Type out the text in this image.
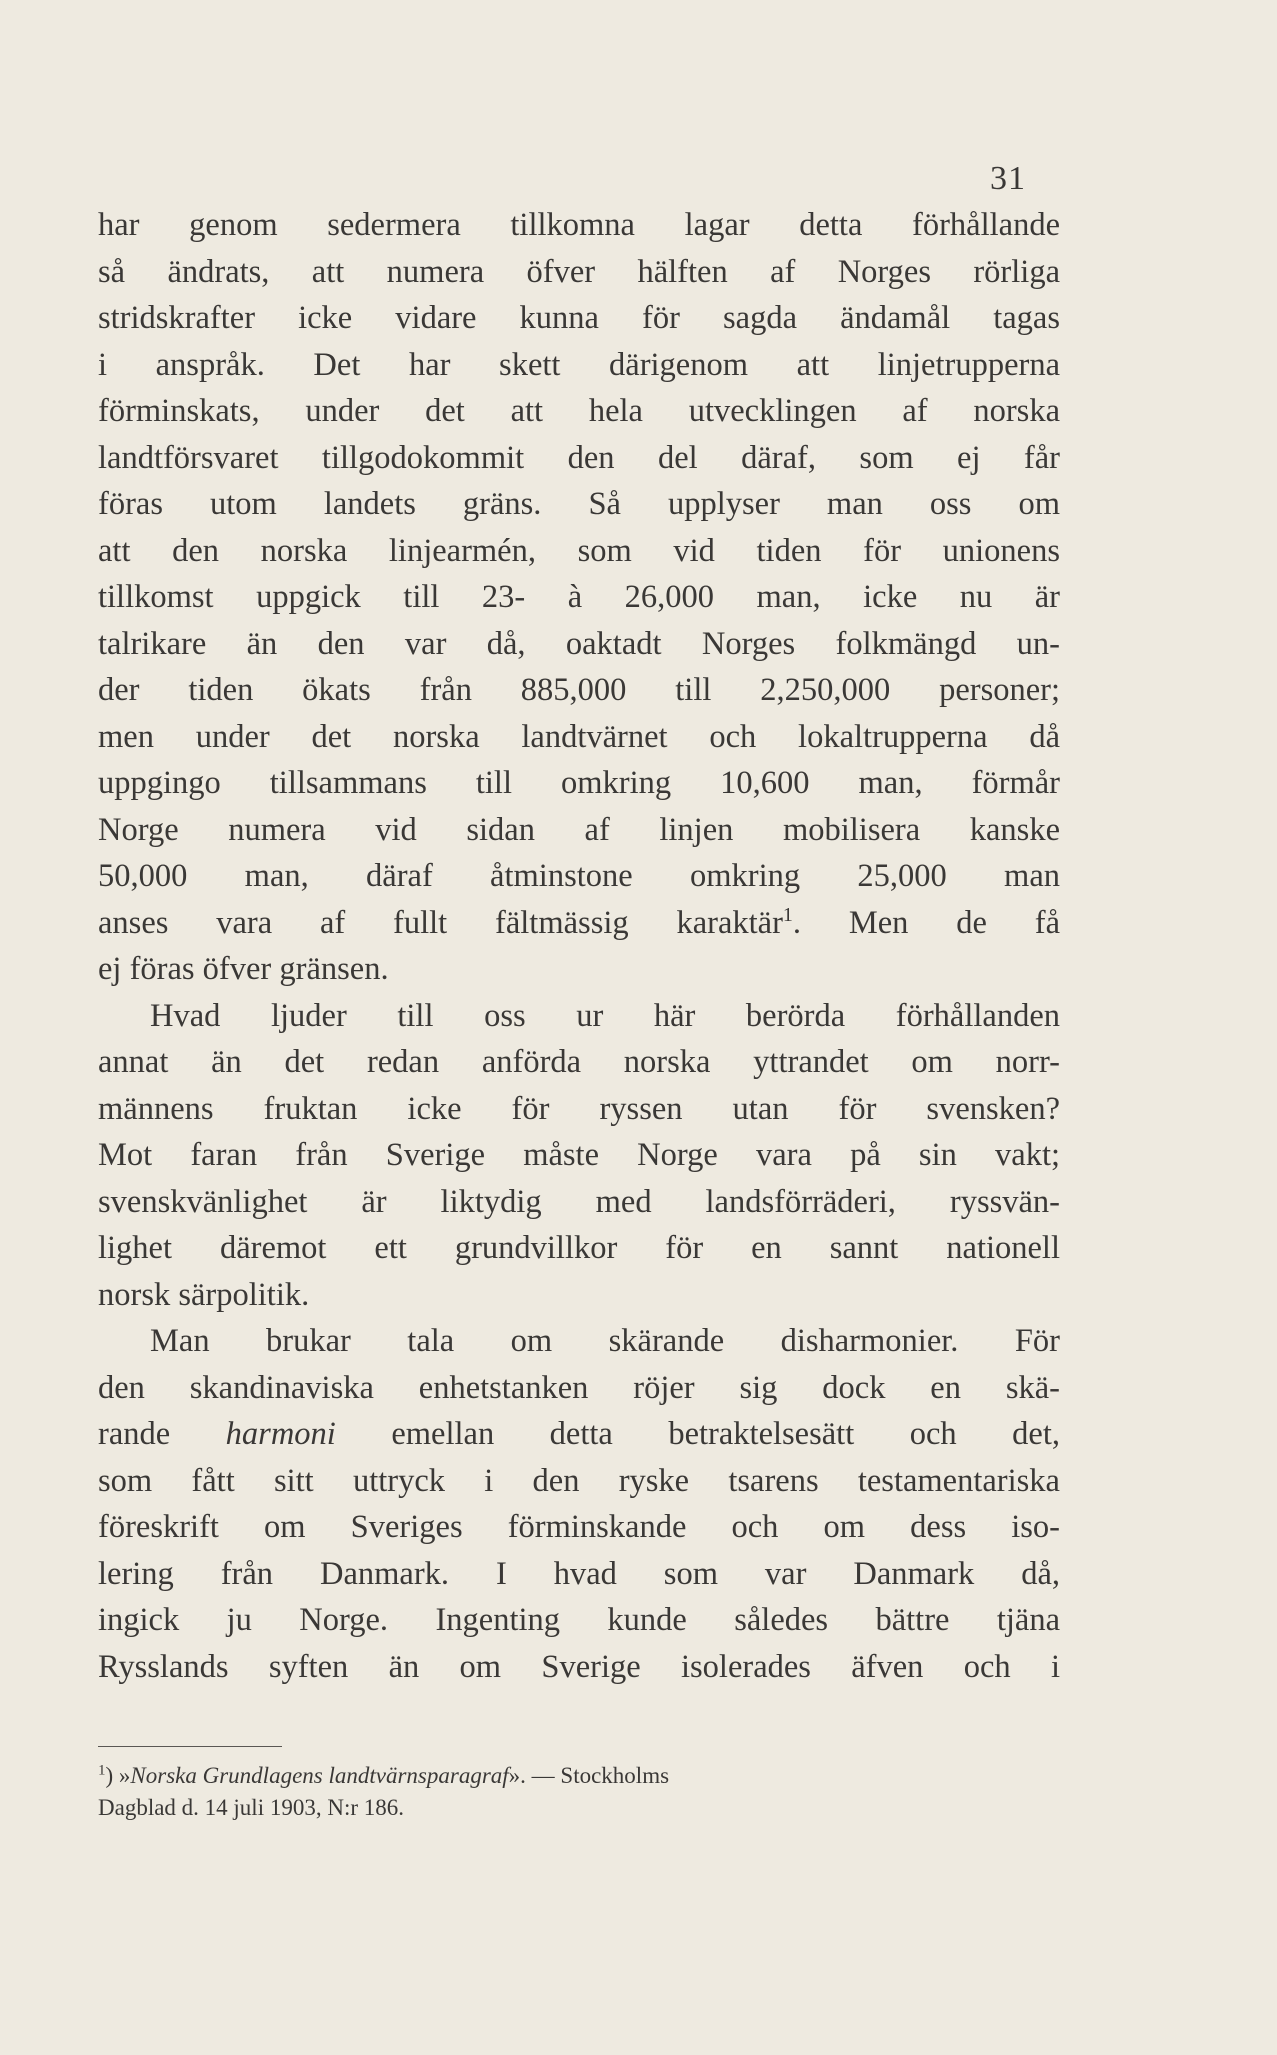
31
har genom sedermera tillkomna lagar detta förhållande
så ändrats, att numera öfver hälften af Norges rörliga
stridskrafter icke vidare kunna för sagda ändamål tagas
i anspråk. Det har skett därigenom att linjetrupperna
förminskats, under det att hela utvecklingen af norska
landtförsvaret tillgodokommit den del däraf, som ej får
föras utom landets gräns. Så upplyser man oss om
att den norska linjearmén, som vid tiden för unionens
tillkomst uppgick till 23- à 26,000 man, icke nu är
talrikare än den var då, oaktadt Norges folkmängd un-
der tiden ökats från 885,000 till 2,250,000 personer;
men under det norska landtvärnet och lokaltrupperna då
uppgingo tillsammans till omkring 10,600 man, förmår
Norge numera vid sidan af linjen mobilisera kanske
50,000 man, däraf åtminstone omkring 25,000 man
anses vara af fullt fältmässig karaktär$^1$. Men de få
ej föras öfver gränsen.
Hvad ljuder till oss ur här berörda förhållanden
annat än det redan anförda norska yttrandet om norr-
männens fruktan icke för ryssen utan för svensken?
Mot faran från Sverige måste Norge vara på sin vakt;
svenskvänlighet är liktydig med landsförräderi, ryssvän-
lighet däremot ett grundvillkor för en sannt nationell
norsk särpolitik.
Man brukar tala om skärande disharmonier. För
den skandinaviska enhetstanken röjer sig dock en skä-
rande harmoni emellan detta betraktelsesätt och det,
som fått sitt uttryck i den ryske tsarens testamentariska
föreskrift om Sveriges förminskande och om dess iso-
lering från Danmark. I hvad som var Danmark då,
ingick ju Norge. Ingenting kunde således bättre tjäna
Rysslands syften än om Sverige isolerades äfven och i
$^1$) »Norska Grundlagens landtvärnsparagraf». — Stockholms
Dagblad d. 14 juli 1903, N:r 186.
